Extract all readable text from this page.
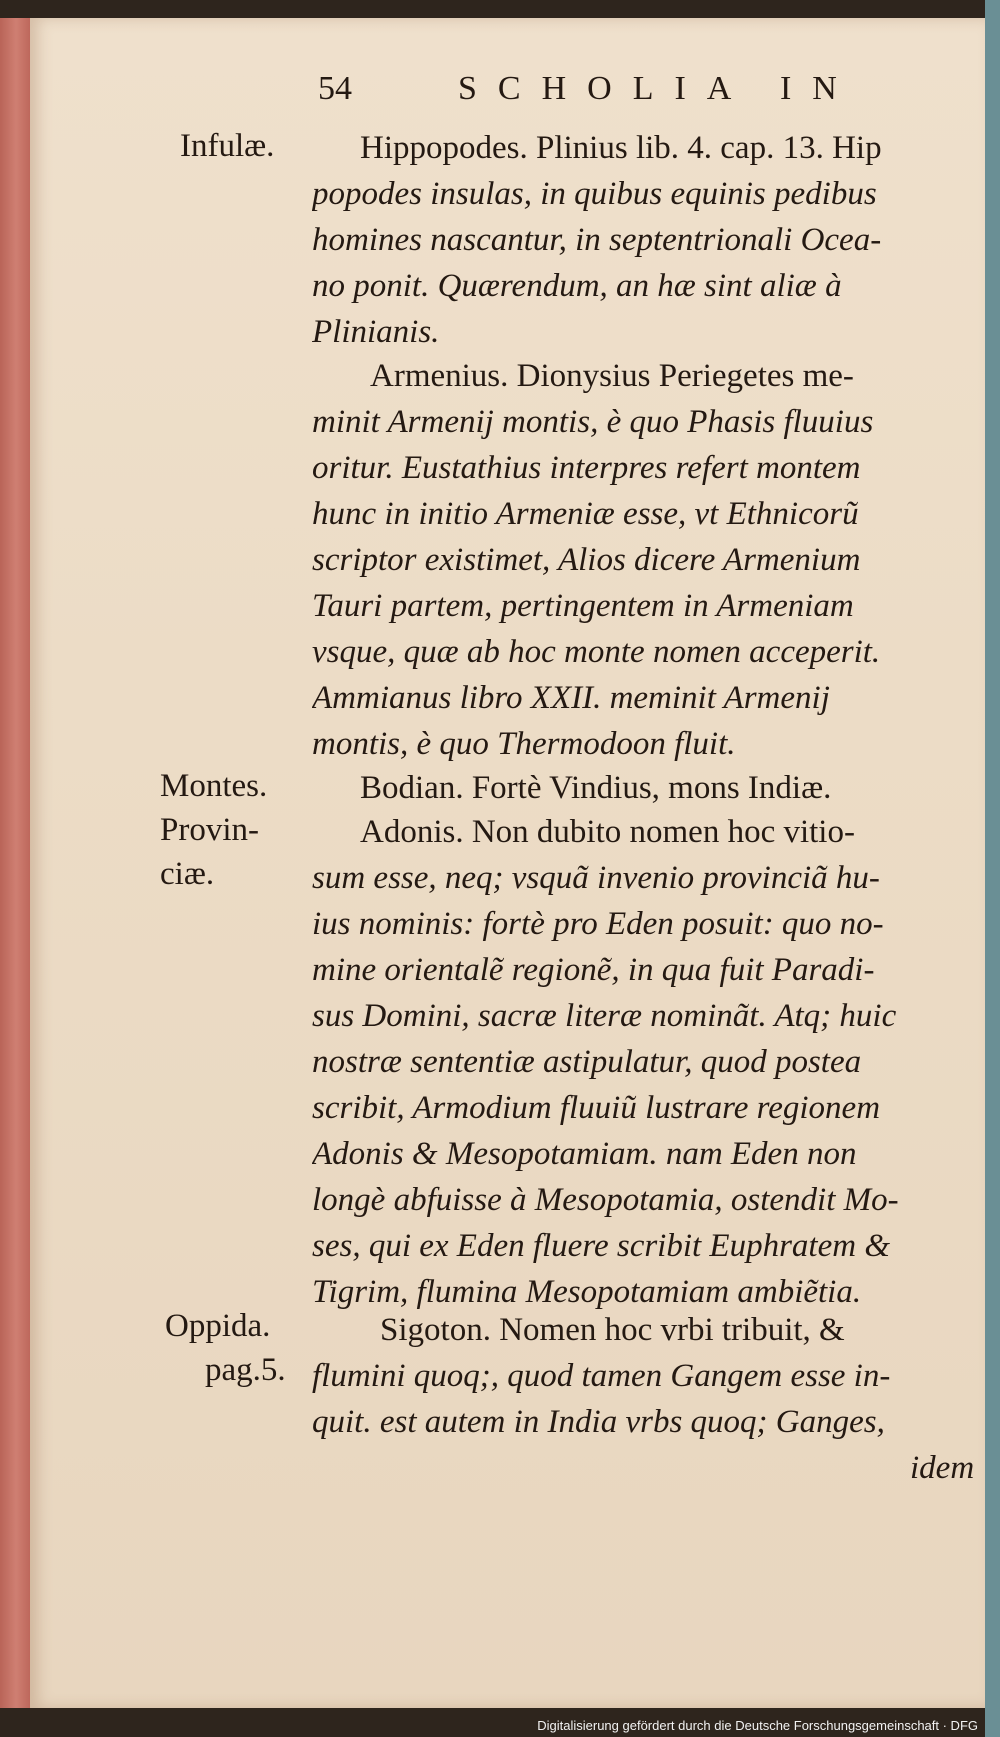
54	SCHOLIA IN
Infulæ.
Montes.
Provin-
ciæ.
Oppida.
pag.5.
Hippopodes. Plinius lib. 4. cap. 13. Hip
popodes insulas, in quibus equinis pedibus
homines nascantur, in septentrionali Ocea-
no ponit. Quærendum, an hæ sint aliæ à
Plinianis.
Armenius. Dionysius Periegetes me-
minit Armenij montis, è quo Phasis fluuius
oritur. Eustathius interpres refert montem
hunc in initio Armeniæ esse, vt Ethnicorũ
scriptor existimet, Alios dicere Armenium
Tauri partem, pertingentem in Armeniam
vsque, quæ ab hoc monte nomen acceperit.
Ammianus libro XXII. meminit Armenij
montis, è quo Thermodoon fluit.
Bodian. Fortè Vindius, mons Indiæ.
Adonis. Non dubito nomen hoc vitio-
sum esse, neq; vsquã invenio provinciã hu-
ius nominis: fortè pro Eden posuit: quo no-
mine orientalẽ regionẽ, in qua fuit Paradi-
sus Domini, sacræ literæ nominãt. Atq; huic
nostræ sententiæ astipulatur, quod postea
scribit, Armodium fluuiũ lustrare regionem
Adonis & Mesopotamiam. nam Eden non
longè abfuisse à Mesopotamia, ostendit Mo-
ses, qui ex Eden fluere scribit Euphratem &
Tigrim, flumina Mesopotamiam ambiẽtia.
Sigoton. Nomen hoc vrbi tribuit, &
flumini quoq;, quod tamen Gangem esse in-
quit. est autem in India vrbs quoq; Ganges,
idem
Digitalisierung gefördert durch die Deutsche Forschungsgemeinschaft · DFG
